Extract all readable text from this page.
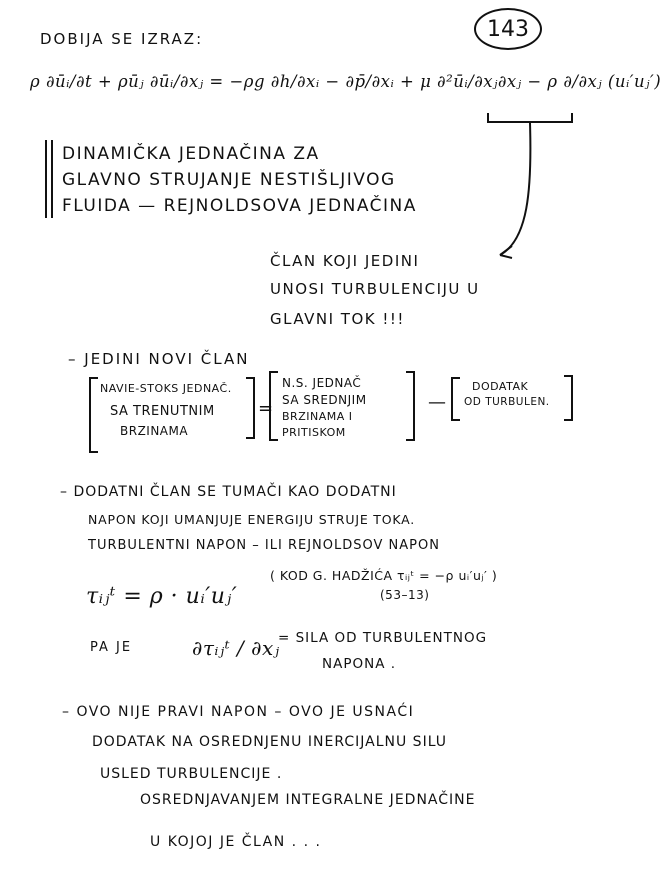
143
DOBIJA SE IZRAZ:
ρ ∂ūᵢ/∂t + ρūⱼ ∂ūᵢ/∂xⱼ = −ρg ∂h/∂xᵢ − ∂p̄/∂xᵢ + μ ∂²ūᵢ/∂xⱼ∂xⱼ − ρ ∂/∂xⱼ (uᵢ′uⱼ′)
DINAMIČKA JEDNAČINA ZA
GLAVNO STRUJANJE NESTIŠLJIVOG
FLUIDA — REJNOLDSOVA JEDNAČINA
ČLAN KOJI JEDINI
UNOSI TURBULENCIJU U
GLAVNI TOK !!!
– JEDINI NOVI ČLAN
NAVIE-STOKS JEDNAČ.
SA TRENUTNIM
BRZINAMA
=
N.S. JEDNAČ
SA SREDNJIM
BRZINAMA I
PRITISKOM
—
DODATAK
OD TURBULEN.
– DODATNI ČLAN SE TUMAČI KAO DODATNI
NAPON KOJI UMANJUJE ENERGIJU STRUJE TOKA.
TURBULENTNI NAPON – ILI REJNOLDSOV NAPON
τᵢⱼᵗ = ρ · uᵢ′uⱼ′
( KOD G. HADŽIĆA τᵢⱼᵗ = −ρ uᵢ′uⱼ′ )
(53–13)
PA JE	∂τᵢⱼᵗ / ∂xⱼ
= SILA OD TURBULENTNOG
NAPONA .
– OVO NIJE PRAVI NAPON – OVO JE USNAĆI
DODATAK NA OSREDNJENU INERCIJALNU SILU
USLED TURBULENCIJE .
OSREDNJAVANJEM INTEGRALNE JEDNAČINE
U KOJOJ JE ČLAN . . .
